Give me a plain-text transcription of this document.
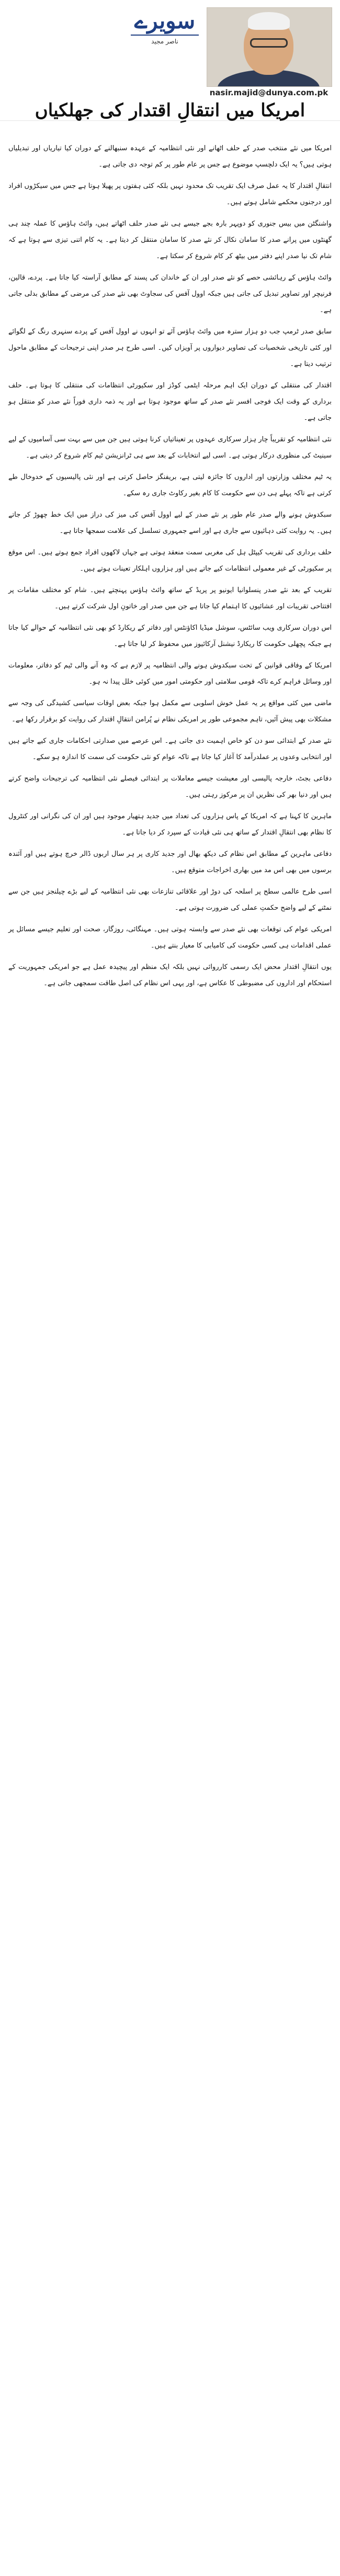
nasir.majid@dunya.com.pk
سویرے
ناصر مجید
امریکا میں انتقالِ اقتدار کی جھلکیاں

امریکا میں نئے منتخب صدر کے حلف اٹھانے اور نئی انتظامیہ کے عہدہ سنبھالنے کے دوران کیا تیاریاں اور تبدیلیاں ہوتی ہیں؟ یہ ایک دلچسپ موضوع ہے جس پر عام طور پر کم توجہ دی جاتی ہے۔

انتقالِ اقتدار کا یہ عمل صرف ایک تقریب تک محدود نہیں بلکہ کئی ہفتوں پر پھیلا ہوتا ہے جس میں سیکڑوں افراد اور درجنوں محکمے شامل ہوتے ہیں۔

واشنگٹن میں بیس جنوری کو دوپہر بارہ بجے جیسے ہی نئے صدر حلف اٹھاتے ہیں، وائٹ ہاؤس کا عملہ چند ہی گھنٹوں میں پرانے صدر کا سامان نکال کر نئے صدر کا سامان منتقل کر دیتا ہے۔ یہ کام اتنی تیزی سے ہوتا ہے کہ شام تک نیا صدر اپنے دفتر میں بیٹھ کر کام شروع کر سکتا ہے۔

وائٹ ہاؤس کے رہائشی حصے کو نئے صدر اور ان کے خاندان کی پسند کے مطابق آراستہ کیا جاتا ہے۔ پردے، قالین، فرنیچر اور تصاویر تبدیل کی جاتی ہیں جبکہ اوول آفس کی سجاوٹ بھی نئے صدر کی مرضی کے مطابق بدلی جاتی ہے۔

سابق صدر ٹرمپ جب دو ہزار سترہ میں وائٹ ہاؤس آئے تو انہوں نے اوول آفس کے پردے سنہری رنگ کے لگوائے اور کئی تاریخی شخصیات کی تصاویر دیواروں پر آویزاں کیں۔ اسی طرح ہر صدر اپنی ترجیحات کے مطابق ماحول ترتیب دیتا ہے۔

اقتدار کی منتقلی کے دوران ایک اہم مرحلہ ایٹمی کوڈز اور سکیورٹی انتظامات کی منتقلی کا ہوتا ہے۔ حلف برداری کے وقت ایک فوجی افسر نئے صدر کے ساتھ موجود ہوتا ہے اور یہ ذمہ داری فوراً نئے صدر کو منتقل ہو جاتی ہے۔

نئی انتظامیہ کو تقریباً چار ہزار سرکاری عہدوں پر تعیناتیاں کرنا ہوتی ہیں جن میں سے بہت سی آسامیوں کے لیے سینیٹ کی منظوری درکار ہوتی ہے۔ اسی لیے انتخابات کے بعد سے ہی ٹرانزیشن ٹیم کام شروع کر دیتی ہے۔

یہ ٹیم مختلف وزارتوں اور اداروں کا جائزہ لیتی ہے، بریفنگز حاصل کرتی ہے اور نئی پالیسیوں کے خدوخال طے کرتی ہے تاکہ پہلے ہی دن سے حکومت کا کام بغیر رکاوٹ جاری رہ سکے۔

سبکدوش ہونے والے صدر عام طور پر نئے صدر کے لیے اوول آفس کی میز کی دراز میں ایک خط چھوڑ کر جاتے ہیں۔ یہ روایت کئی دہائیوں سے جاری ہے اور اسے جمہوری تسلسل کی علامت سمجھا جاتا ہے۔

حلف برداری کی تقریب کیپٹل ہل کی مغربی سمت منعقد ہوتی ہے جہاں لاکھوں افراد جمع ہوتے ہیں۔ اس موقع پر سکیورٹی کے غیر معمولی انتظامات کیے جاتے ہیں اور ہزاروں اہلکار تعینات ہوتے ہیں۔

تقریب کے بعد نئے صدر پنسلوانیا ایونیو پر پریڈ کے ساتھ وائٹ ہاؤس پہنچتے ہیں۔ شام کو مختلف مقامات پر افتتاحی تقریبات اور عشائیوں کا اہتمام کیا جاتا ہے جن میں صدر اور خاتونِ اول شرکت کرتے ہیں۔

اس دوران سرکاری ویب سائٹس، سوشل میڈیا اکاؤنٹس اور دفاتر کے ریکارڈ کو بھی نئی انتظامیہ کے حوالے کیا جاتا ہے جبکہ پچھلی حکومت کا ریکارڈ نیشنل آرکائیوز میں محفوظ کر لیا جاتا ہے۔

امریکا کے وفاقی قوانین کے تحت سبکدوش ہونے والی انتظامیہ پر لازم ہے کہ وہ آنے والی ٹیم کو دفاتر، معلومات اور وسائل فراہم کرے تاکہ قومی سلامتی اور حکومتی امور میں کوئی خلل پیدا نہ ہو۔

ماضی میں کئی مواقع پر یہ عمل خوش اسلوبی سے مکمل ہوا جبکہ بعض اوقات سیاسی کشیدگی کی وجہ سے مشکلات بھی پیش آئیں، تاہم مجموعی طور پر امریکی نظام نے پُرامن انتقالِ اقتدار کی روایت کو برقرار رکھا ہے۔

نئے صدر کے ابتدائی سو دن کو خاص اہمیت دی جاتی ہے۔ اس عرصے میں صدارتی احکامات جاری کیے جاتے ہیں اور انتخابی وعدوں پر عملدرآمد کا آغاز کیا جاتا ہے تاکہ عوام کو نئی حکومت کی سمت کا اندازہ ہو سکے۔

دفاعی بجٹ، خارجہ پالیسی اور معیشت جیسے معاملات پر ابتدائی فیصلے نئی انتظامیہ کی ترجیحات واضح کرتے ہیں اور دنیا بھر کی نظریں ان پر مرکوز رہتی ہیں۔

ماہرین کا کہنا ہے کہ امریکا کے پاس ہزاروں کی تعداد میں جدید ہتھیار موجود ہیں اور ان کی نگرانی اور کنٹرول کا نظام بھی انتقالِ اقتدار کے ساتھ ہی نئی قیادت کے سپرد کر دیا جاتا ہے۔

دفاعی ماہرین کے مطابق اس نظام کی دیکھ بھال اور جدید کاری پر ہر سال اربوں ڈالر خرچ ہوتے ہیں اور آئندہ برسوں میں بھی اس مد میں بھاری اخراجات متوقع ہیں۔

اسی طرح عالمی سطح پر اسلحہ کی دوڑ اور علاقائی تنازعات بھی نئی انتظامیہ کے لیے بڑے چیلنجز ہیں جن سے نمٹنے کے لیے واضح حکمتِ عملی کی ضرورت ہوتی ہے۔

امریکی عوام کی توقعات بھی نئے صدر سے وابستہ ہوتی ہیں۔ مہنگائی، روزگار، صحت اور تعلیم جیسے مسائل پر عملی اقدامات ہی کسی حکومت کی کامیابی کا معیار بنتے ہیں۔

یوں انتقالِ اقتدار محض ایک رسمی کارروائی نہیں بلکہ ایک منظم اور پیچیدہ عمل ہے جو امریکی جمہوریت کے استحکام اور اداروں کی مضبوطی کا عکاس ہے، اور یہی اس نظام کی اصل طاقت سمجھی جاتی ہے۔
